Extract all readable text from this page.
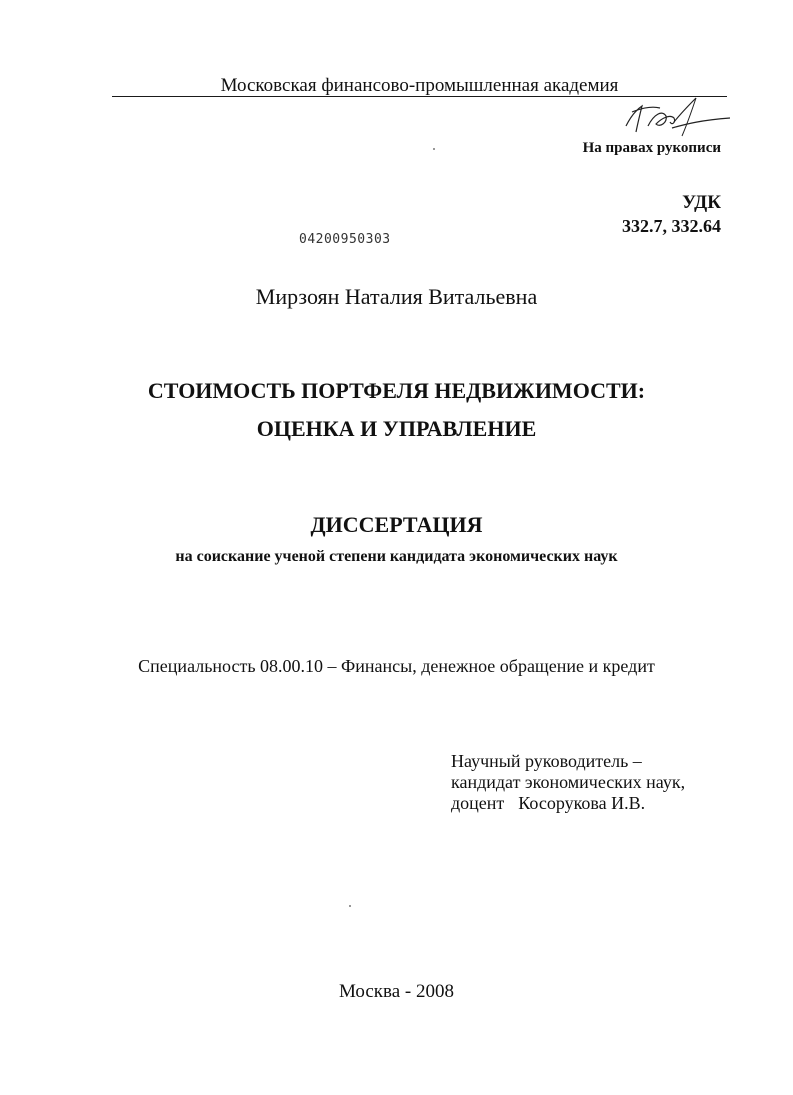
Московская финансово-промышленная академия
На правах рукописи
УДК
332.7, 332.64
04200950303
Мирзоян Наталия Витальевна
СТОИМОСТЬ ПОРТФЕЛЯ НЕДВИЖИМОСТИ:
ОЦЕНКА И УПРАВЛЕНИЕ
ДИССЕРТАЦИЯ
на соискание ученой степени кандидата экономических наук
Специальность 08.00.10 – Финансы, денежное обращение и кредит
Научный руководитель –
кандидат экономических наук,
доцент Косорукова И.В.
Москва - 2008
